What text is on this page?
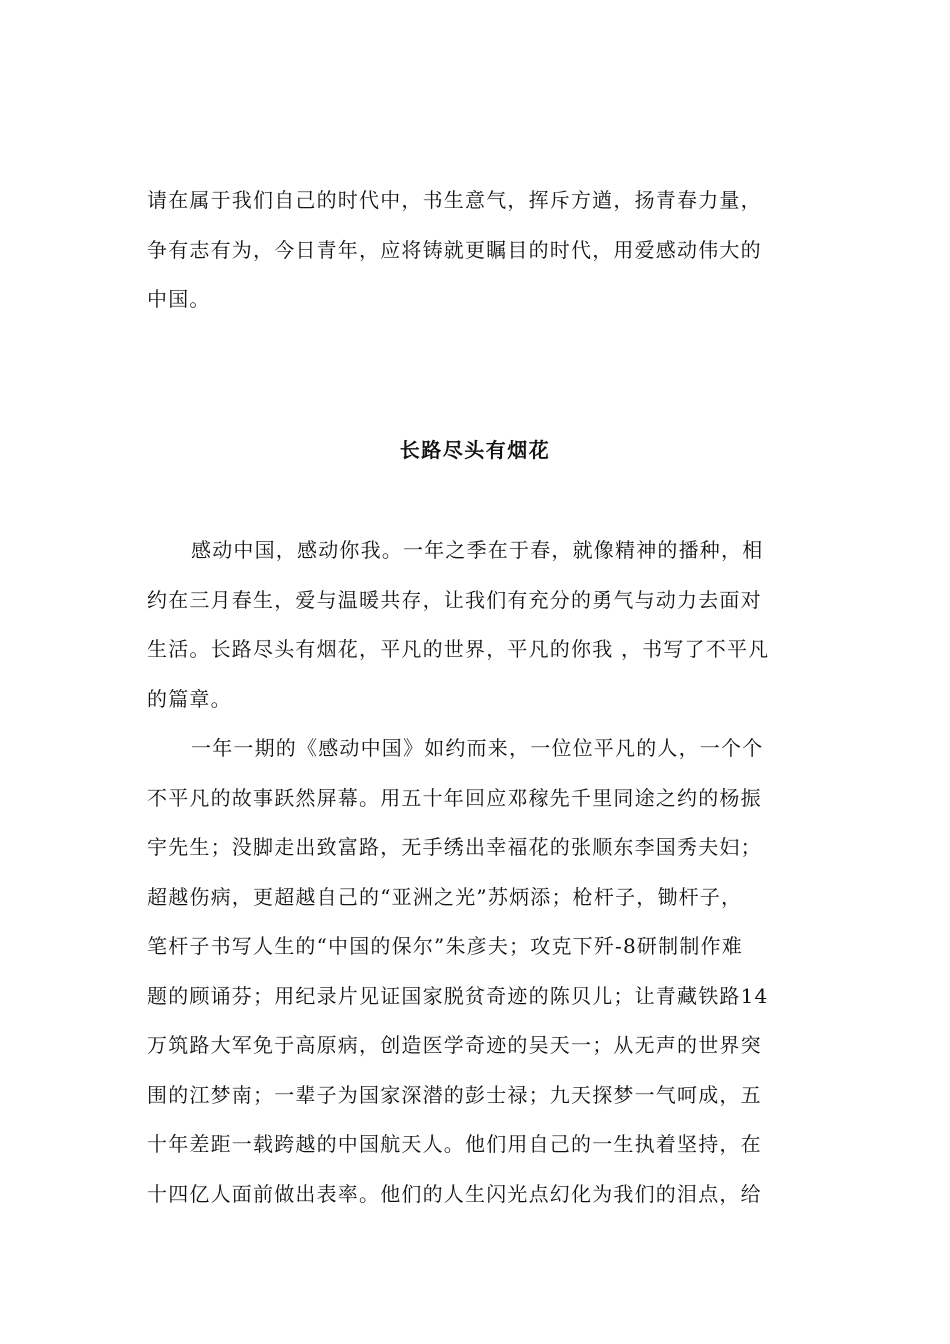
请在属于我们自己的时代中，书生意气，挥斥方遒，扬青春力量，
争有志有为，今日青年，应将铸就更瞩目的时代，用爱感动伟大的
中国。
长路尽头有烟花
感动中国，感动你我。一年之季在于春，就像精神的播种，相
约在三月春生，爱与温暖共存，让我们有充分的勇气与动力去面对
生活。长路尽头有烟花，平凡的世界，平凡的你我 ，书写了不平凡
的篇章。
一年一期的《感动中国》如约而来，一位位平凡的人，一个个
不平凡的故事跃然屏幕。用五十年回应邓稼先千里同途之约的杨振
宇先生；没脚走出致富路，无手绣出幸福花的张顺东李国秀夫妇；
超越伤病，更超越自己的“亚洲之光”苏炳添；枪杆子，锄杆子，
笔杆子书写人生的“中国的保尔”朱彦夫；攻克下歼-8研制制作难
题的顾诵芬；用纪录片见证国家脱贫奇迹的陈贝儿；让青藏铁路14
万筑路大军免于高原病，创造医学奇迹的吴天一；从无声的世界突
围的江梦南；一辈子为国家深潜的彭士禄；九天探梦一气呵成，五
十年差距一载跨越的中国航天人。他们用自己的一生执着坚持，在
十四亿人面前做出表率。他们的人生闪光点幻化为我们的泪点，给
